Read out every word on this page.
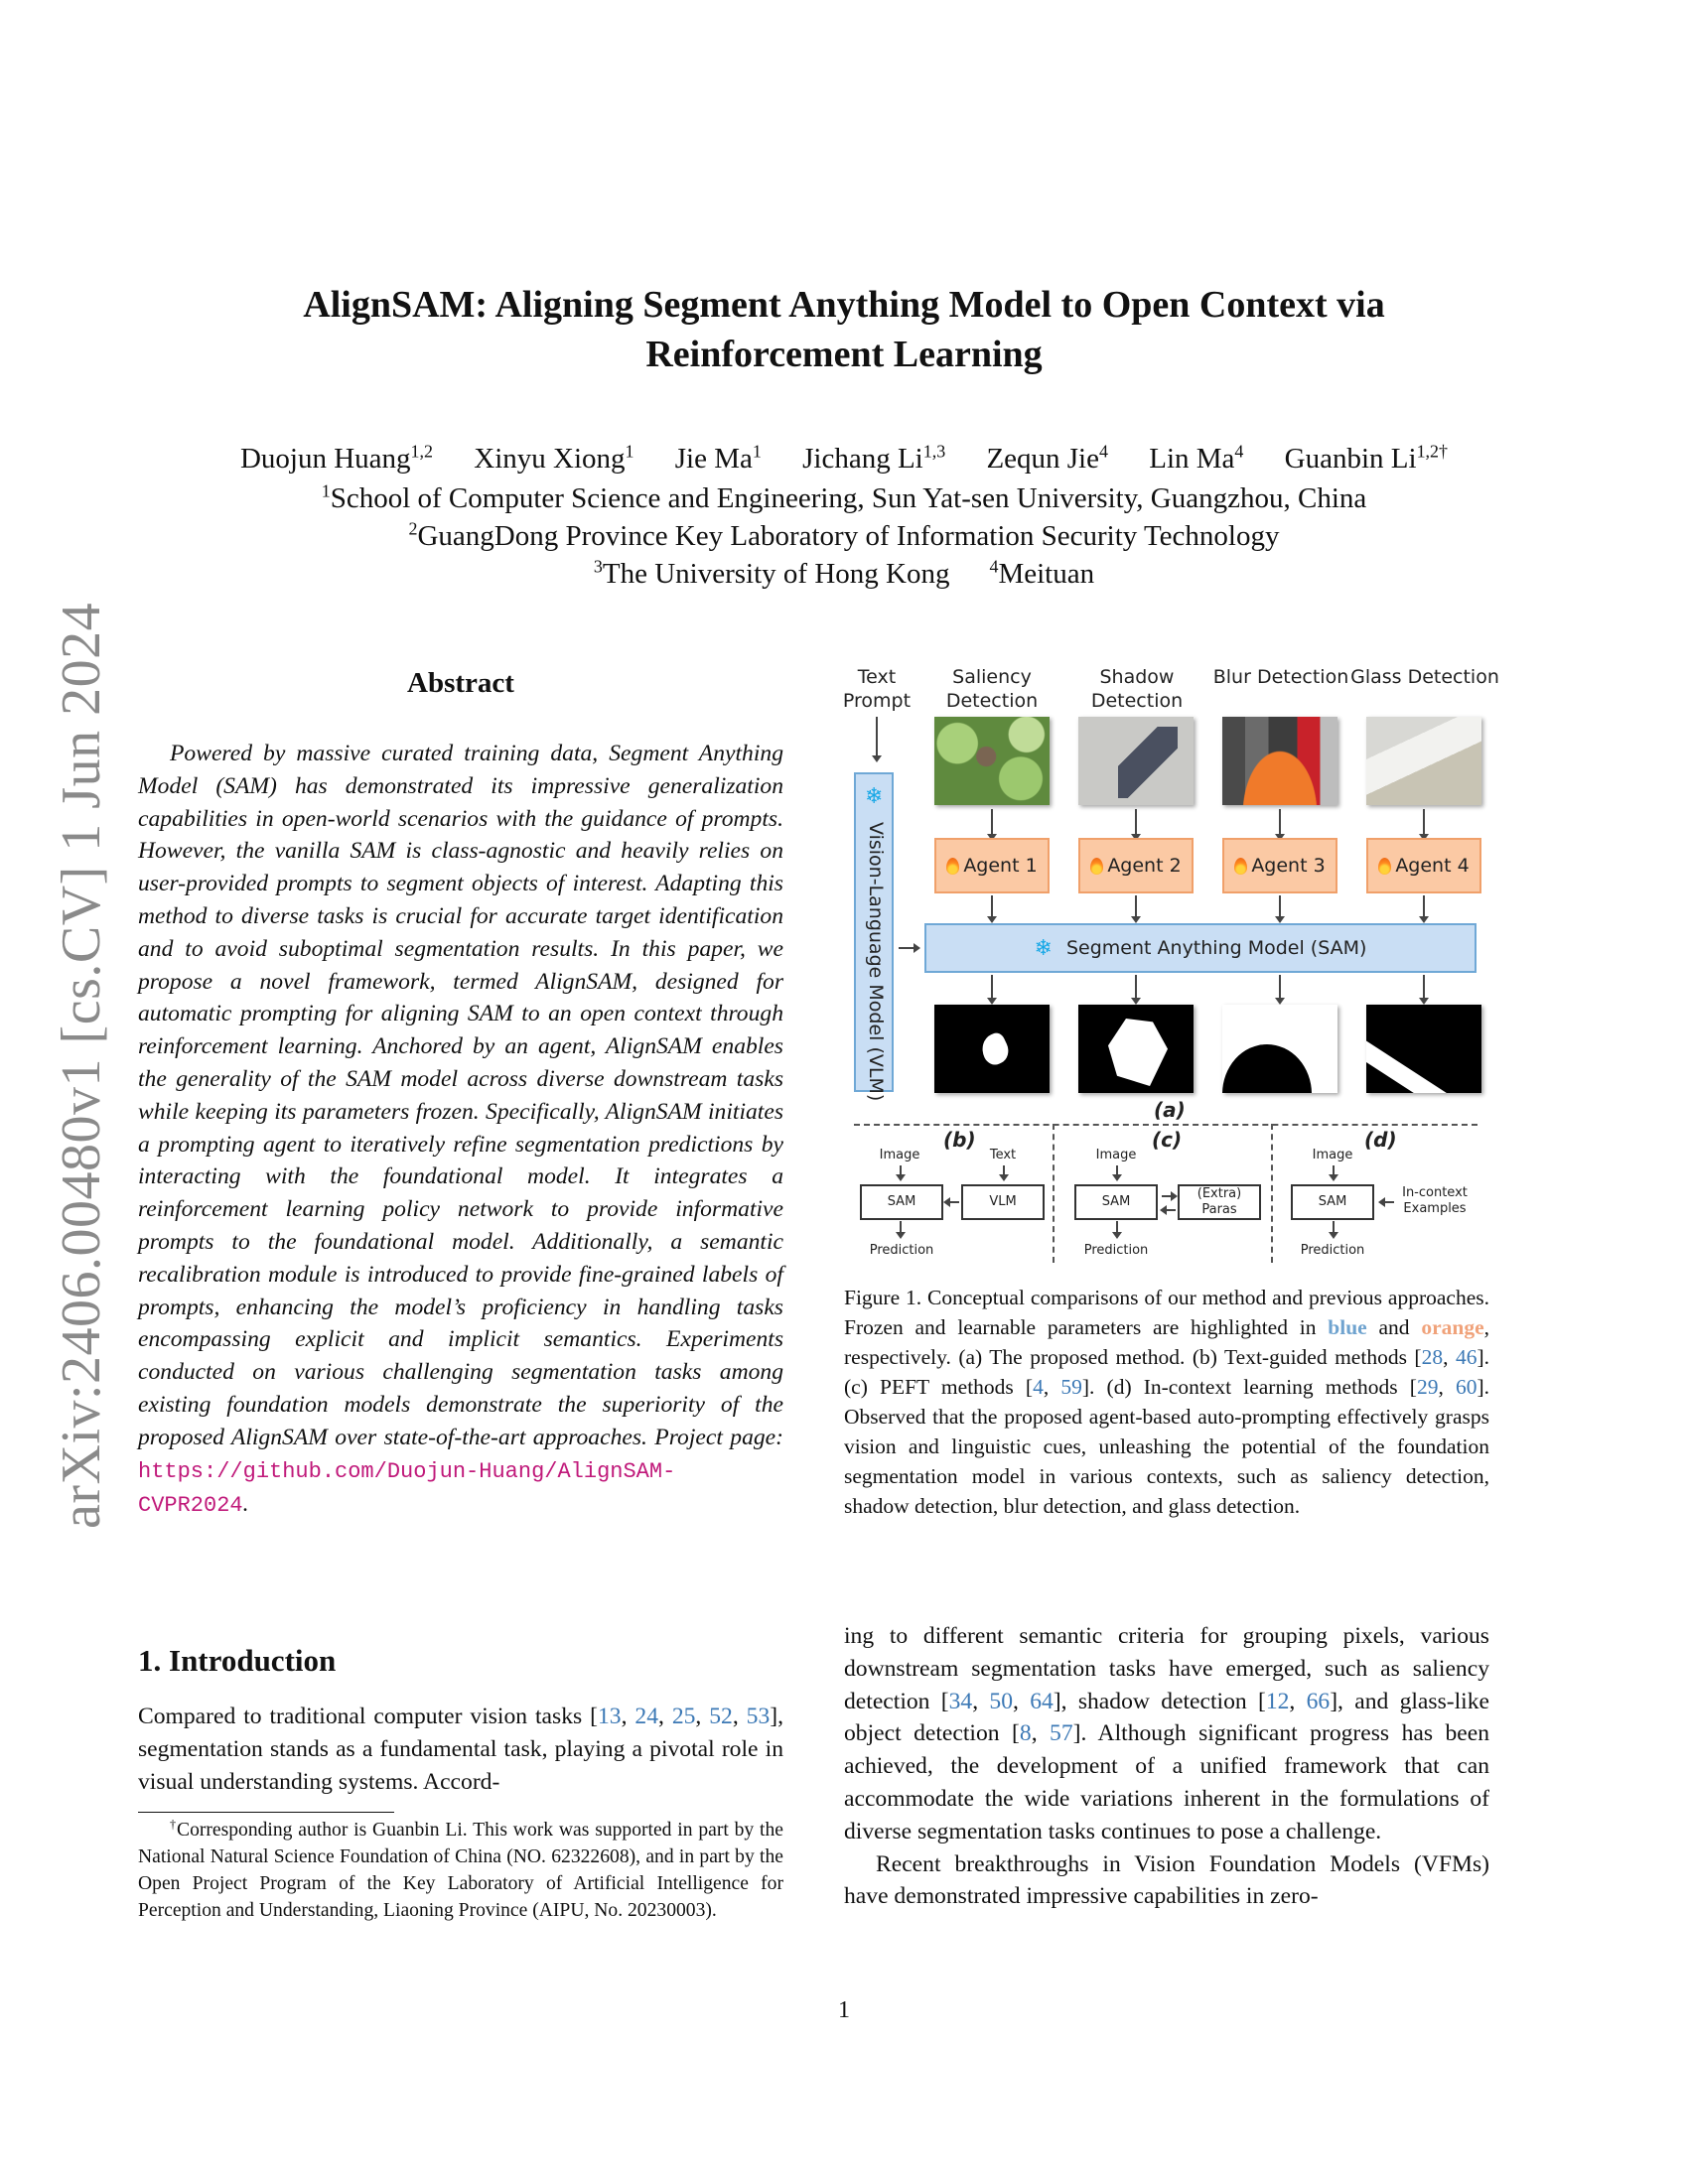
arXiv:2406.00480v1 [cs.CV] 1 Jun 2024
AlignSAM: Aligning Segment Anything Model to Open Context via
Reinforcement Learning
Duojun Huang$^{1,2}$ Xinyu Xiong$^1$ Jie Ma$^1$ Jichang Li$^{1,3}$ Zequn Jie$^4$ Lin Ma$^4$ Guanbin $Li^{1,2\dagger}$
$^1$School of Computer Science and Engineering, Sun Yat-sen University, Guangzhou, China
$^2$GuangDong Province Key Laboratory of Information Security Technology
$^3$The University of Hong Kong $^4$Meituan
Abstract

Powered by massive curated training data, Segment Anything Model (SAM) has demonstrated its impressive generalization capabilities in open-world scenarios with the guidance of prompts. However, the vanilla SAM is class-agnostic and heavily relies on user-provided prompts to segment objects of interest. Adapting this method to diverse tasks is crucial for accurate target identification and to avoid suboptimal segmentation results. In this paper, we propose a novel framework, termed AlignSAM, designed for automatic prompting for aligning SAM to an open context through reinforcement learning. Anchored by an agent, AlignSAM enables the generality of the SAM model across diverse downstream tasks while keeping its parameters frozen. Specifically, AlignSAM initiates a prompting agent to iteratively refine segmentation predictions by interacting with the foundational model. It integrates a reinforcement learning policy network to provide informative prompts to the foundational model. Additionally, a semantic recalibration module is introduced to provide fine-grained labels of prompts, enhancing the model’s proficiency in handling tasks encompassing explicit and implicit semantics. Experiments conducted on various challenging segmentation tasks among existing foundation models demonstrate the superiority of the proposed AlignSAM over state-of-the-art approaches. Project page: https://github.com/Duojun-Huang/AlignSAM-CVPR2024.

1. Introduction

Compared to traditional computer vision tasks [13, 24, 25, 52, 53], segmentation stands as a fundamental task, playing a pivotal role in visual understanding systems. Accord-

†Corresponding author is Guanbin Li. This work was supported in part by the National Natural Science Foundation of China (NO. 62322608), and in part by the Open Project Program of the Key Laboratory of Artificial Intelligence for Perception and Understanding, Liaoning Province (AIPU, No. 20230003).

Text Prompt
Saliency Detection
Shadow Detection
Blur Detection Glass Detection
Agent 1	Agent 2	Agent 3	Agent 4
❄ Segment Anything Model (SAM)
❄
Vision-Language Model (VLM)
(a)
(b)
Image	Text
SAM	VLM
Prediction
(c)
Image
SAM
(Extra) Paras
Prediction
(d)
Image
SAM
In-context Examples
Prediction

Figure 1. Conceptual comparisons of our method and previous approaches. Frozen and learnable parameters are highlighted in blue and orange, respectively. (a) The proposed method. (b) Text-guided methods [28, 46]. (c) PEFT methods [4, 59]. (d) In-context learning methods [29, 60]. Observed that the proposed agent-based auto-prompting effectively grasps vision and linguistic cues, unleashing the potential of the foundation segmentation model in various contexts, such as saliency detection, shadow detection, blur detection, and glass detection.

ing to different semantic criteria for grouping pixels, various downstream segmentation tasks have emerged, such as saliency detection [34, 50, 64], shadow detection [12, 66], and glass-like object detection [8, 57]. Although significant progress has been achieved, the development of a unified framework that can accommodate the wide variations inherent in the formulations of diverse segmentation tasks continues to pose a challenge.

Recent breakthroughs in Vision Foundation Models (VFMs) have demonstrated impressive capabilities in zero-

1
